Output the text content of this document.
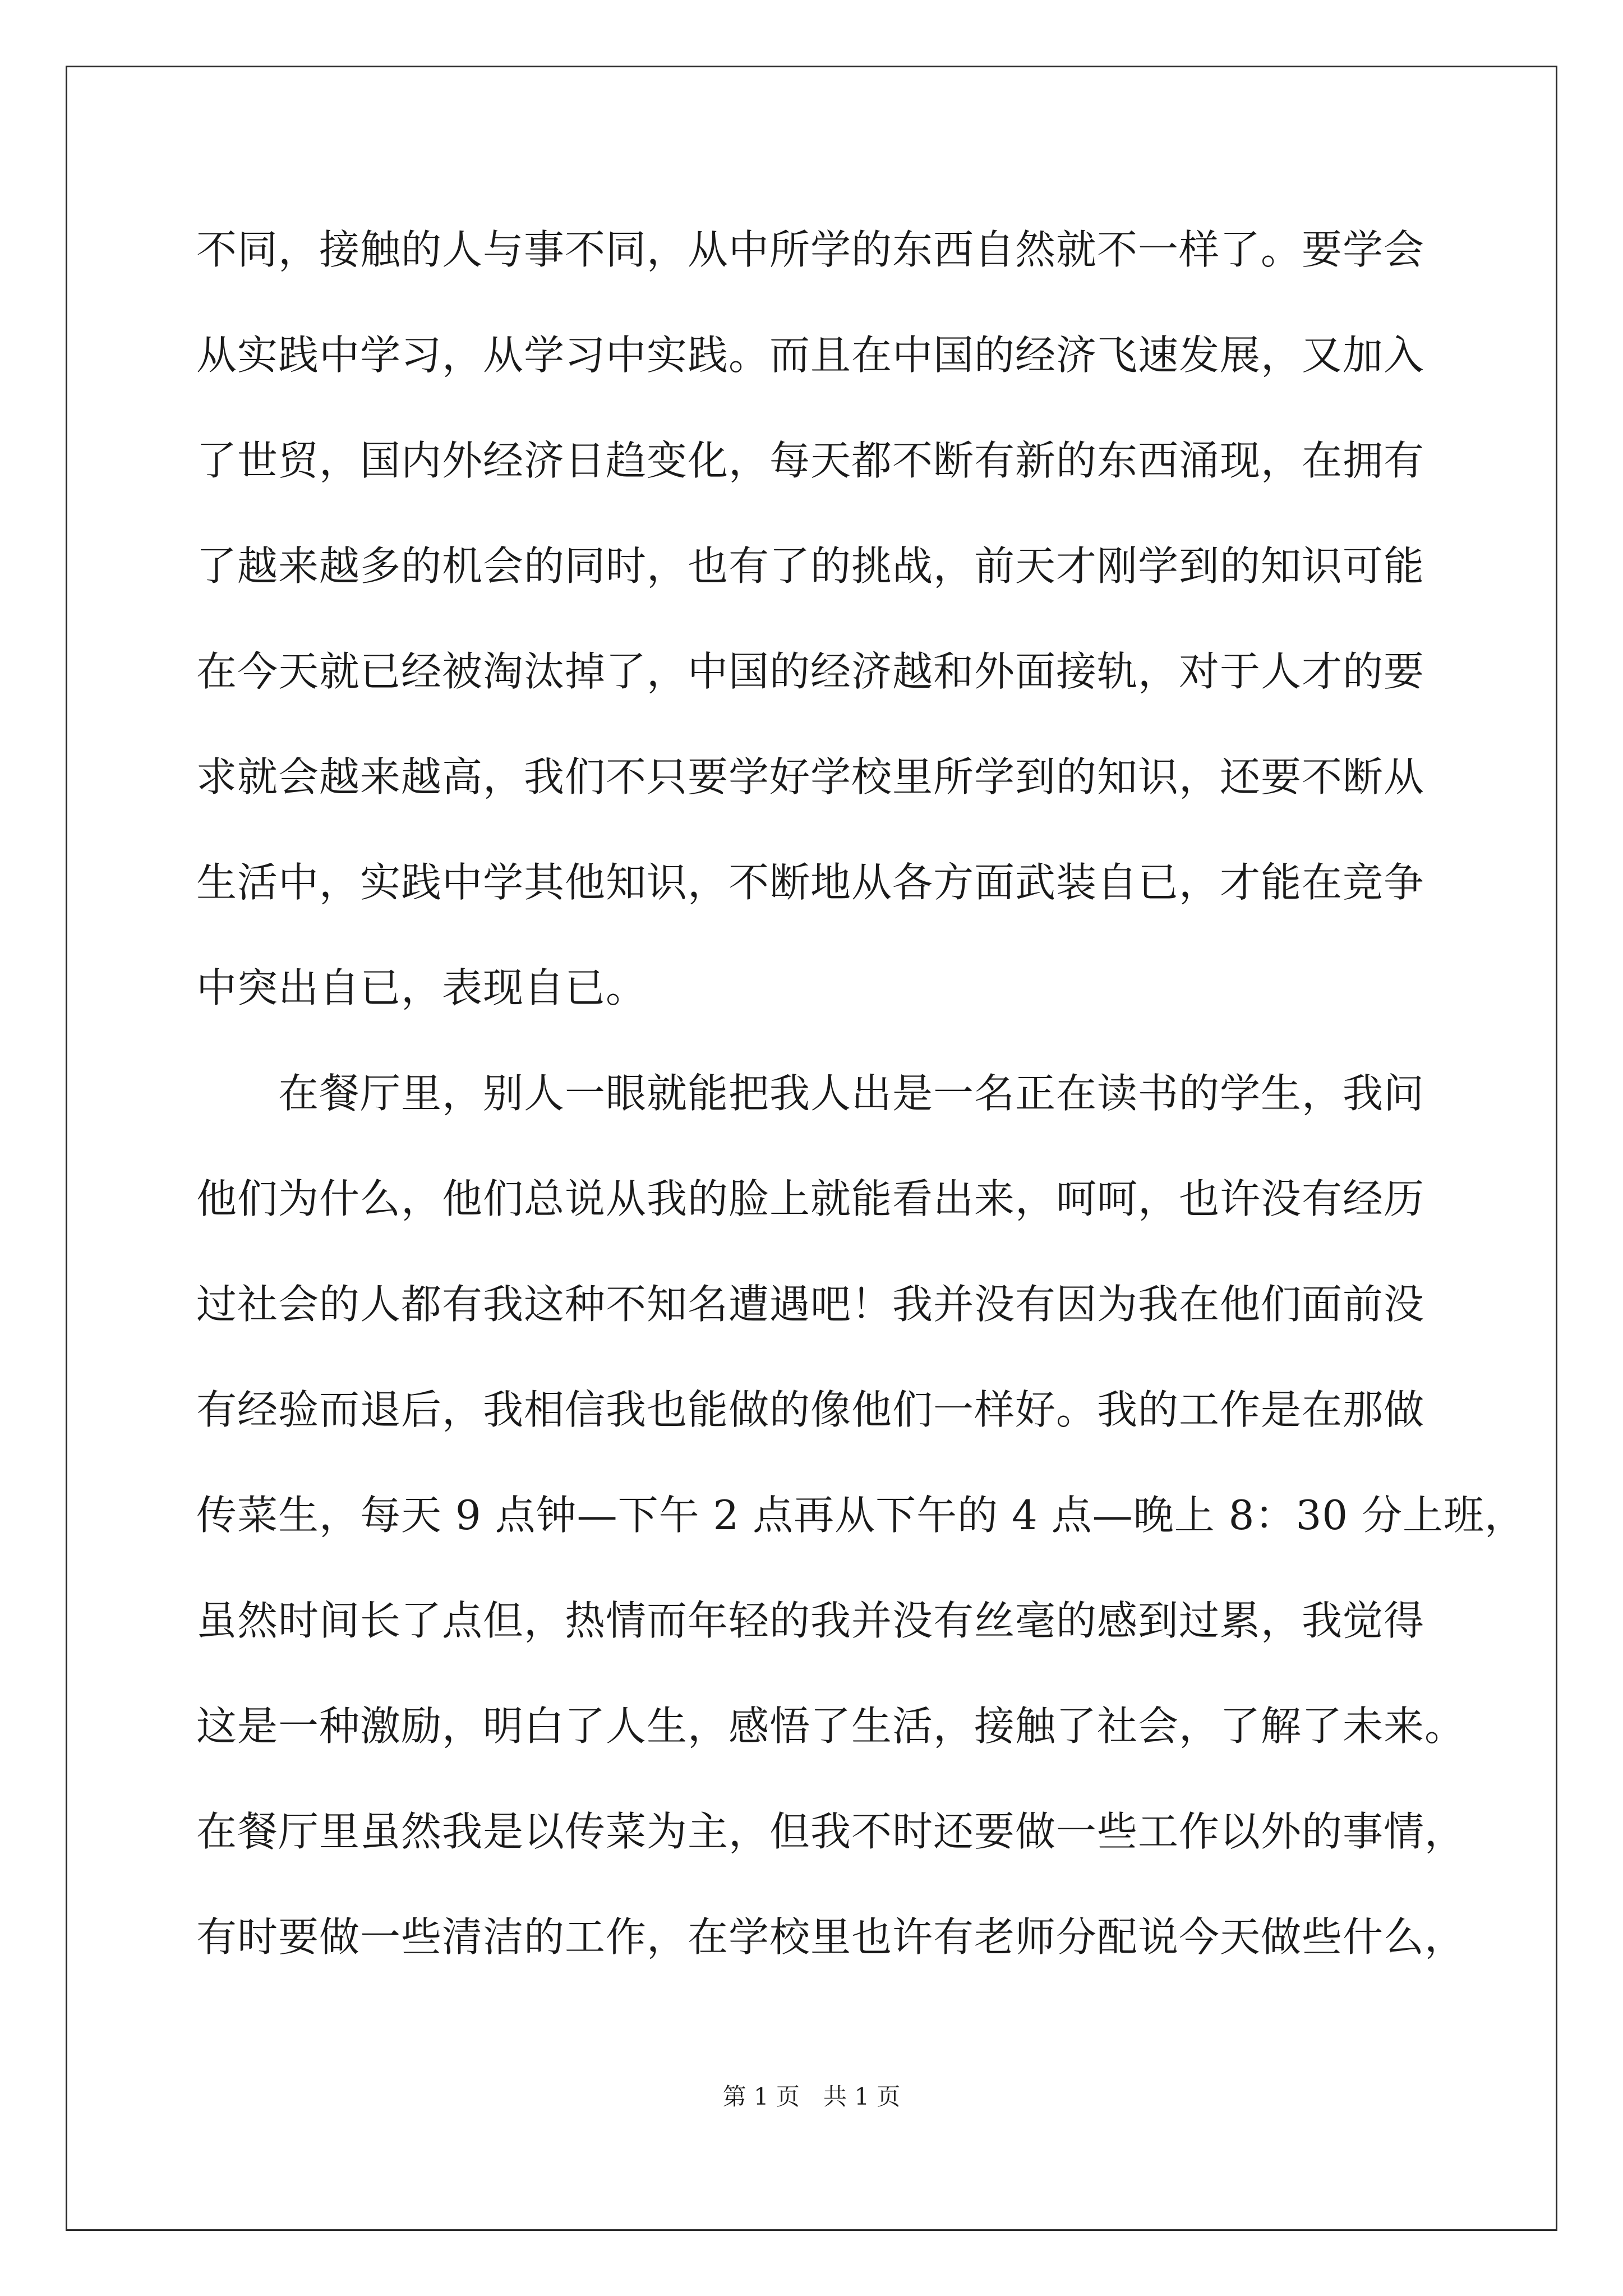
不同，接触的人与事不同，从中所学的东西自然就不一样了。要学会
从实践中学习，从学习中实践。而且在中国的经济飞速发展，又加入
了世贸，国内外经济日趋变化，每天都不断有新的东西涌现，在拥有
了越来越多的机会的同时，也有了的挑战，前天才刚学到的知识可能
在今天就已经被淘汰掉了，中国的经济越和外面接轨，对于人才的要
求就会越来越高，我们不只要学好学校里所学到的知识，还要不断从
生活中，实践中学其他知识，不断地从各方面武装自已，才能在竞争
中突出自已，表现自已。
在餐厅里，别人一眼就能把我人出是一名正在读书的学生，我问
他们为什么，他们总说从我的脸上就能看出来，呵呵，也许没有经历
过社会的人都有我这种不知名遭遇吧！我并没有因为我在他们面前没
有经验而退后，我相信我也能做的像他们一样好。我的工作是在那做
传菜生，每天 9 点钟—下午 2 点再从下午的 4 点—晚上 8：30 分上班，
虽然时间长了点但，热情而年轻的我并没有丝毫的感到过累，我觉得
这是一种激励，明白了人生，感悟了生活，接触了社会，了解了未来。
在餐厅里虽然我是以传菜为主，但我不时还要做一些工作以外的事情，
有时要做一些清洁的工作，在学校里也许有老师分配说今天做些什么，
第 1 页　共 1 页
